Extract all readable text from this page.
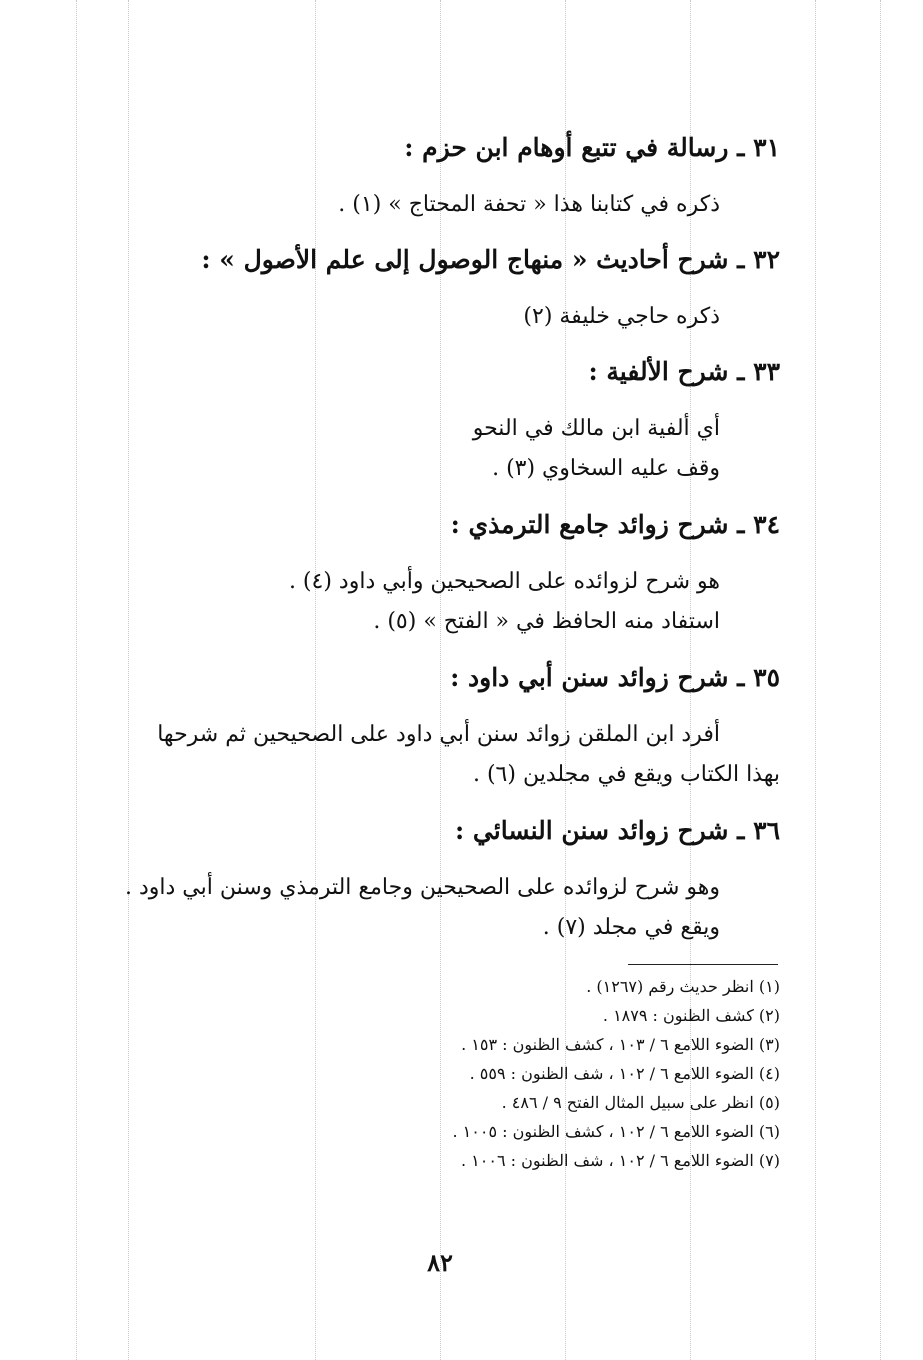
٣١ ـ رسالة في تتبع أوهام ابن حزم :
ذكره في كتابنا هذا « تحفة المحتاج » (١) .
٣٢ ـ شرح أحاديث « منهاج الوصول إلى علم الأصول » :
ذكره حاجي خليفة (٢)
٣٣ ـ شرح الألفية :
أي ألفية ابن مالك في النحو
وقف عليه السخاوي (٣) .
٣٤ ـ شرح زوائد جامع الترمذي :
هو شرح لزوائده على الصحيحين وأبي داود (٤) .
استفاد منه الحافظ في « الفتح » (٥) .
٣٥ ـ شرح زوائد سنن أبي داود :
أفرد ابن الملقن زوائد سنن أبي داود على الصحيحين ثم شرحها
بهذا الكتاب ويقع في مجلدين (٦) .
٣٦ ـ شرح زوائد سنن النسائي :
وهو شرح لزوائده على الصحيحين وجامع الترمذي وسنن أبي داود .
ويقع في مجلد (٧) .
(١) انظر حديث رقم (١٢٦٧) .
(٢) كشف الظنون : ١٨٧٩ .
(٣) الضوء اللامع ٦ / ١٠٣ ، كشف الظنون : ١٥٣ .
(٤) الضوء اللامع ٦ / ١٠٢ ، شف الظنون : ٥٥٩ .
(٥) انظر على سبيل المثال الفتح ٩ / ٤٨٦ .
(٦) الضوء اللامع ٦ / ١٠٢ ، كشف الظنون : ١٠٠٥ .
(٧) الضوء اللامع ٦ / ١٠٢ ، شف الظنون : ١٠٠٦ .
٨٢
